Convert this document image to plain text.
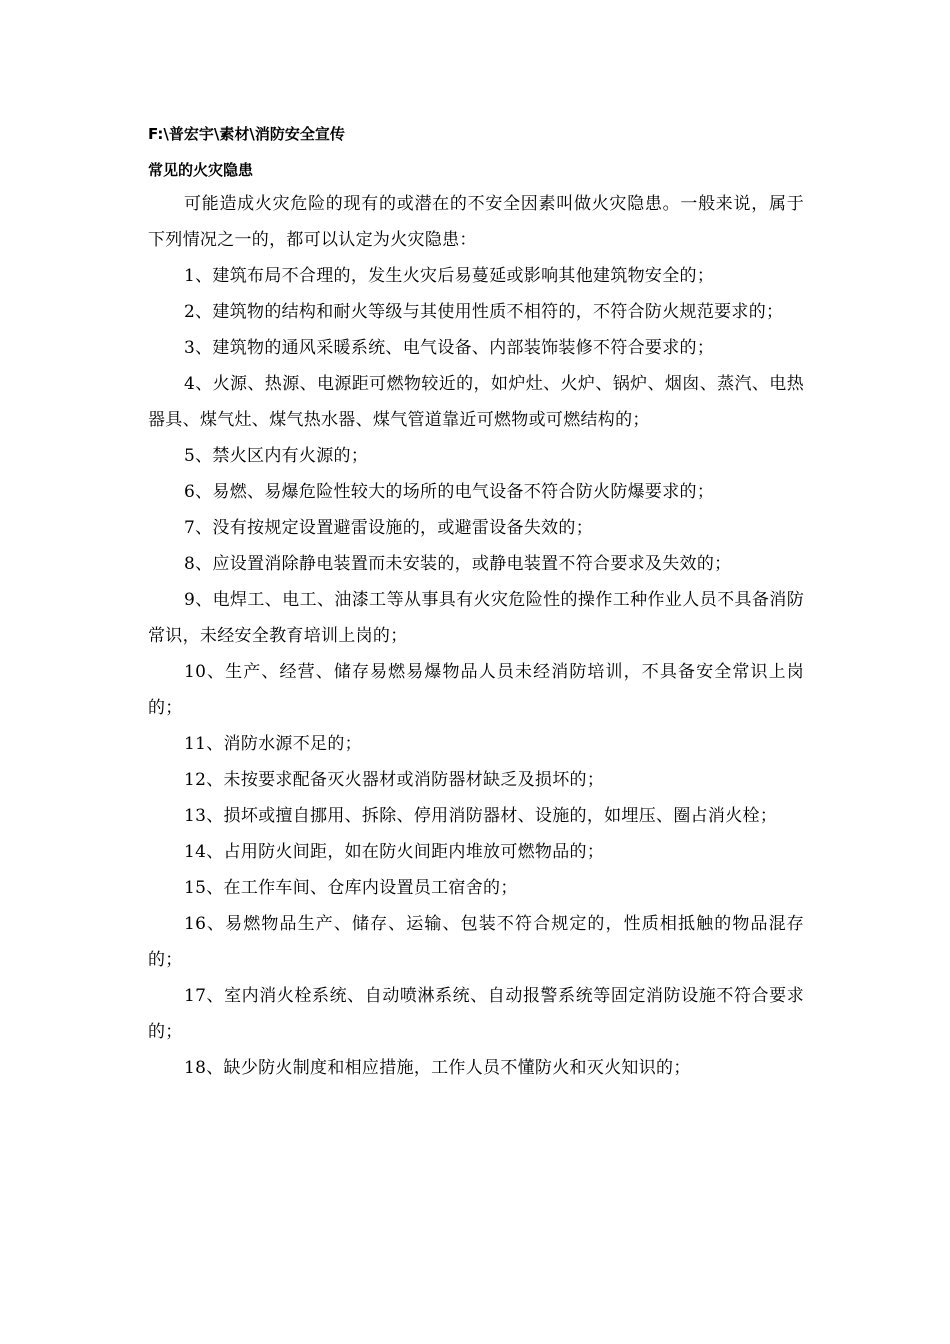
F:\普宏宇\素材\消防安全宣传
常见的火灾隐患

可能造成火灾危险的现有的或潜在的不安全因素叫做火灾隐患。一般来说，属于下列情况之一的，都可以认定为火灾隐患：

1、建筑布局不合理的，发生火灾后易蔓延或影响其他建筑物安全的；

2、建筑物的结构和耐火等级与其使用性质不相符的，不符合防火规范要求的；

3、建筑物的通风采暖系统、电气设备、内部装饰装修不符合要求的；

4、火源、热源、电源距可燃物较近的，如炉灶、火炉、锅炉、烟囱、蒸汽、电热器具、煤气灶、煤气热水器、煤气管道靠近可燃物或可燃结构的；

5、禁火区内有火源的；

6、易燃、易爆危险性较大的场所的电气设备不符合防火防爆要求的；

7、没有按规定设置避雷设施的，或避雷设备失效的；

8、应设置消除静电装置而未安装的，或静电装置不符合要求及失效的；

9、电焊工、电工、油漆工等从事具有火灾危险性的操作工种作业人员不具备消防常识，未经安全教育培训上岗的；

10、生产、经营、储存易燃易爆物品人员未经消防培训，不具备安全常识上岗的；

11、消防水源不足的；

12、未按要求配备灭火器材或消防器材缺乏及损坏的；

13、损坏或擅自挪用、拆除、停用消防器材、设施的，如埋压、圈占消火栓；

14、占用防火间距，如在防火间距内堆放可燃物品的；

15、在工作车间、仓库内设置员工宿舍的；

16、易燃物品生产、储存、运输、包装不符合规定的，性质相抵触的物品混存的；

17、室内消火栓系统、自动喷淋系统、自动报警系统等固定消防设施不符合要求的；

18、缺少防火制度和相应措施，工作人员不懂防火和灭火知识的；
